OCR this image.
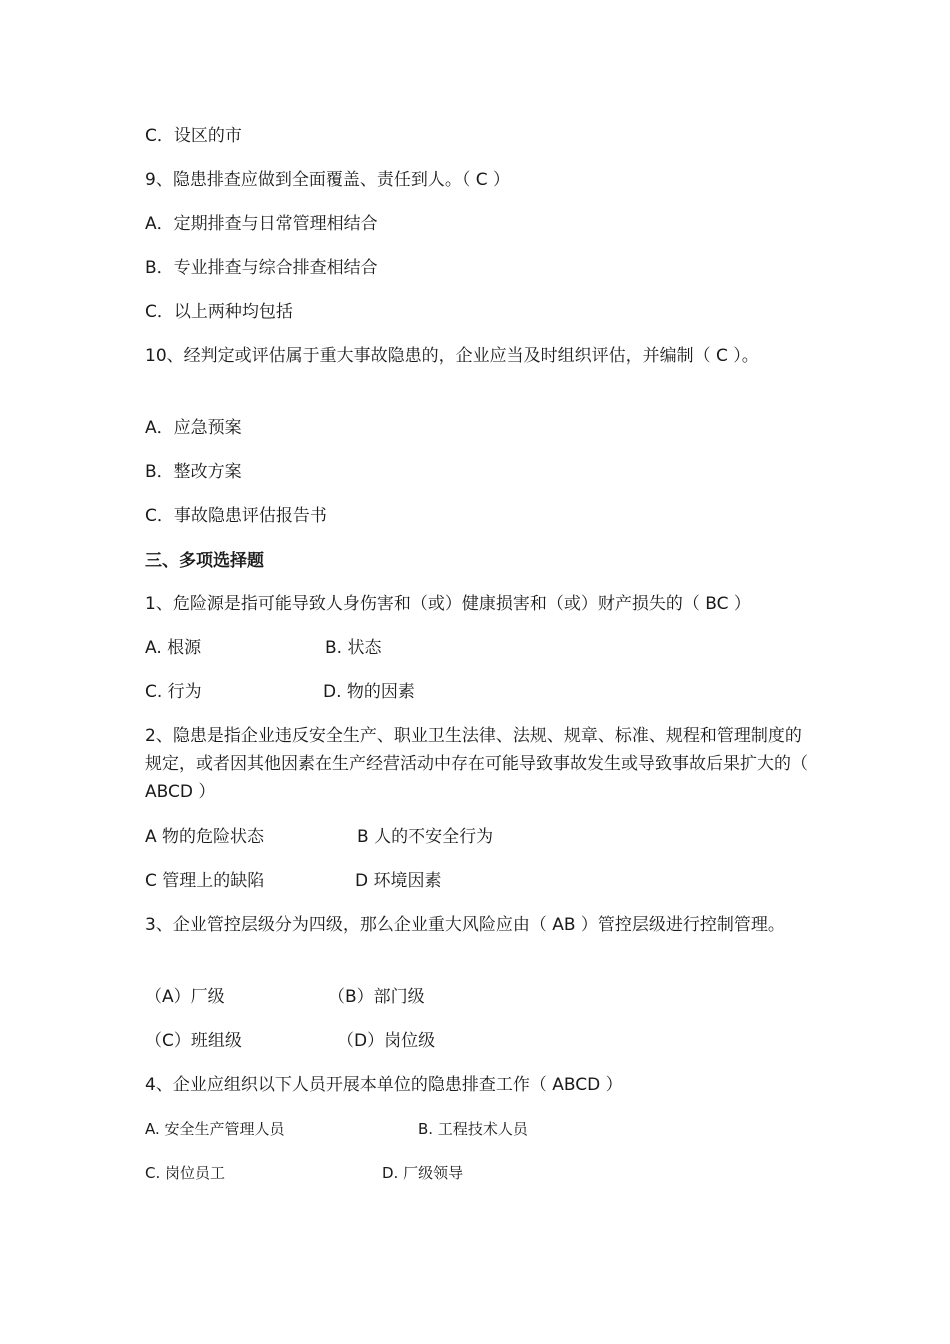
C．设区的市
9、隐患排查应做到全面覆盖、责任到人。（ C ）
A．定期排查与日常管理相结合
B．专业排查与综合排查相结合
C．以上两种均包括
10、经判定或评估属于重大事故隐患的，企业应当及时组织评估，并编制（ C ）。
A．应急预案
B．整改方案
C．事故隐患评估报告书
三、多项选择题
1、危险源是指可能导致人身伤害和（或）健康损害和（或）财产损失的（ BC ）
A. 根源	B. 状态
C. 行为	D. 物的因素
2、隐患是指企业违反安全生产、职业卫生法律、法规、规章、标准、规程和管理制度的规定，或者因其他因素在生产经营活动中存在可能导致事故发生或导致事故后果扩大的（ ABCD ）
A 物的危险状态	B 人的不安全行为
C 管理上的缺陷	D 环境因素
3、企业管控层级分为四级，那么企业重大风险应由（ AB ）管控层级进行控制管理。
（A）厂级	（B）部门级
（C）班组级	（D）岗位级
4、企业应组织以下人员开展本单位的隐患排查工作（ ABCD ）
A. 安全生产管理人员	B. 工程技术人员
C. 岗位员工	D. 厂级领导
